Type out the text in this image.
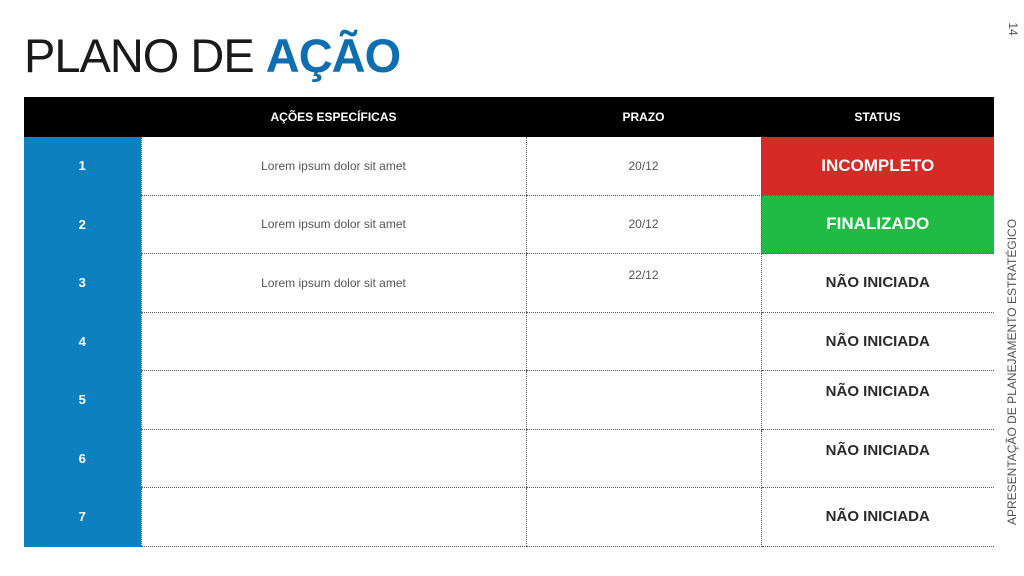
PLANO DE AÇÃO
14
APRESENTAÇÃO DE PLANEJAMENTO ESTRATÉGICO
	AÇÕES ESPECÍFICAS	PRAZO	STATUS
1	Lorem ipsum dolor sit amet	20/12	INCOMPLETO
2	Lorem ipsum dolor sit amet	20/12	FINALIZADO
3	Lorem ipsum dolor sit amet	22/12	NÃO INICIADA
4			NÃO INICIADA
5			NÃO INICIADA
6			NÃO INICIADA
7			NÃO INICIADA
